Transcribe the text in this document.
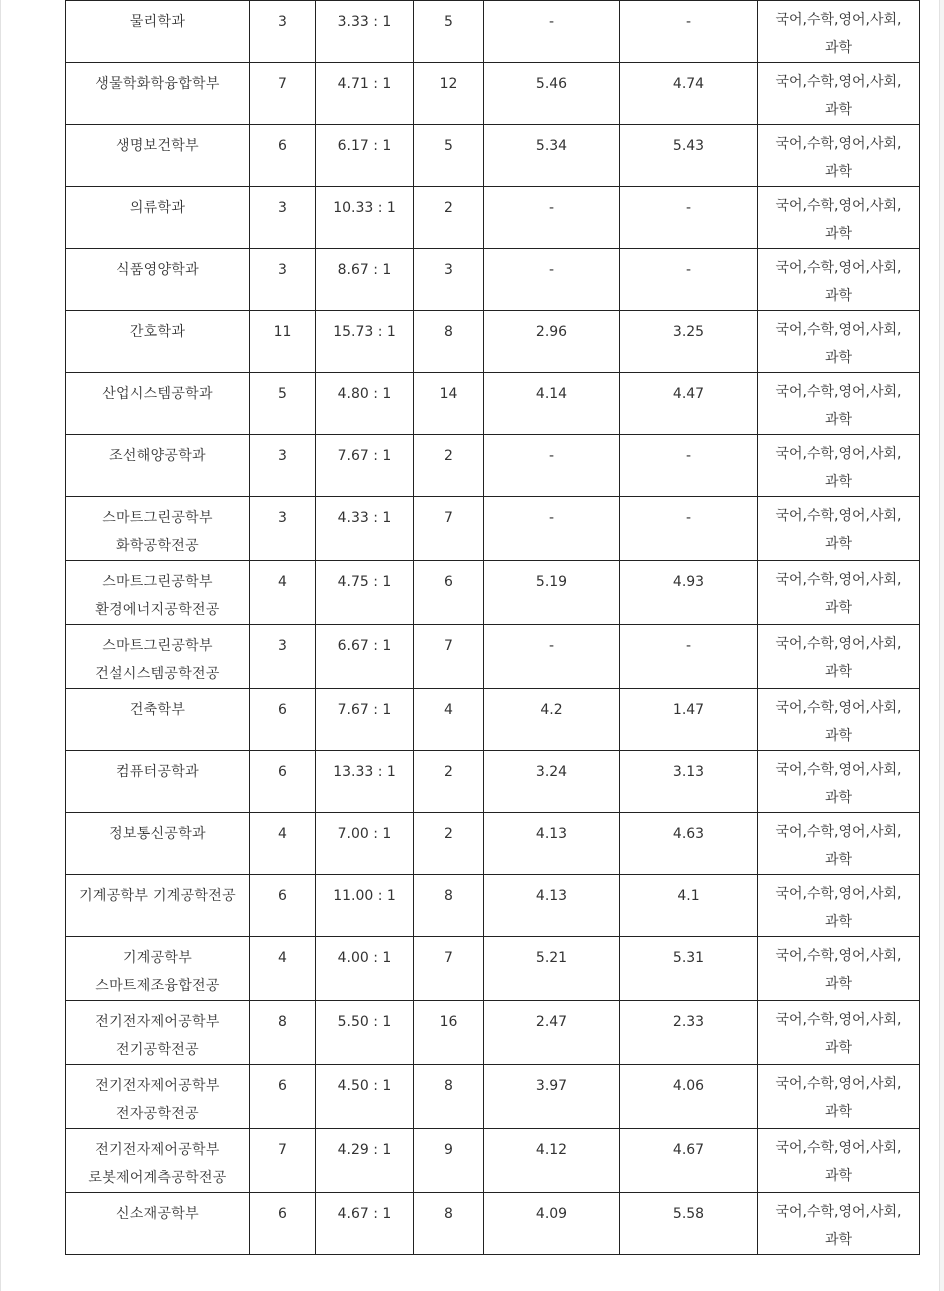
물리학과	3	3.33 : 1	5	-	-	국어,수학,영어,사회,과학
생물학화학융합학부	7	4.71 : 1	12	5.46	4.74	국어,수학,영어,사회,과학
생명보건학부	6	6.17 : 1	5	5.34	5.43	국어,수학,영어,사회,과학
의류학과	3	10.33 : 1	2	-	-	국어,수학,영어,사회,과학
식품영양학과	3	8.67 : 1	3	-	-	국어,수학,영어,사회,과학
간호학과	11	15.73 : 1	8	2.96	3.25	국어,수학,영어,사회,과학
산업시스템공학과	5	4.80 : 1	14	4.14	4.47	국어,수학,영어,사회,과학
조선해양공학과	3	7.67 : 1	2	-	-	국어,수학,영어,사회,과학
스마트그린공학부 화학공학전공	3	4.33 : 1	7	-	-	국어,수학,영어,사회,과학
스마트그린공학부 환경에너지공학전공	4	4.75 : 1	6	5.19	4.93	국어,수학,영어,사회,과학
스마트그린공학부 건설시스템공학전공	3	6.67 : 1	7	-	-	국어,수학,영어,사회,과학
건축학부	6	7.67 : 1	4	4.2	1.47	국어,수학,영어,사회,과학
컴퓨터공학과	6	13.33 : 1	2	3.24	3.13	국어,수학,영어,사회,과학
정보통신공학과	4	7.00 : 1	2	4.13	4.63	국어,수학,영어,사회,과학
기계공학부 기계공학전공	6	11.00 : 1	8	4.13	4.1	국어,수학,영어,사회,과학
기계공학부 스마트제조융합전공	4	4.00 : 1	7	5.21	5.31	국어,수학,영어,사회,과학
전기전자제어공학부 전기공학전공	8	5.50 : 1	16	2.47	2.33	국어,수학,영어,사회,과학
전기전자제어공학부 전자공학전공	6	4.50 : 1	8	3.97	4.06	국어,수학,영어,사회,과학
전기전자제어공학부 로봇제어계측공학전공	7	4.29 : 1	9	4.12	4.67	국어,수학,영어,사회,과학
신소재공학부	6	4.67 : 1	8	4.09	5.58	국어,수학,영어,사회,과학
